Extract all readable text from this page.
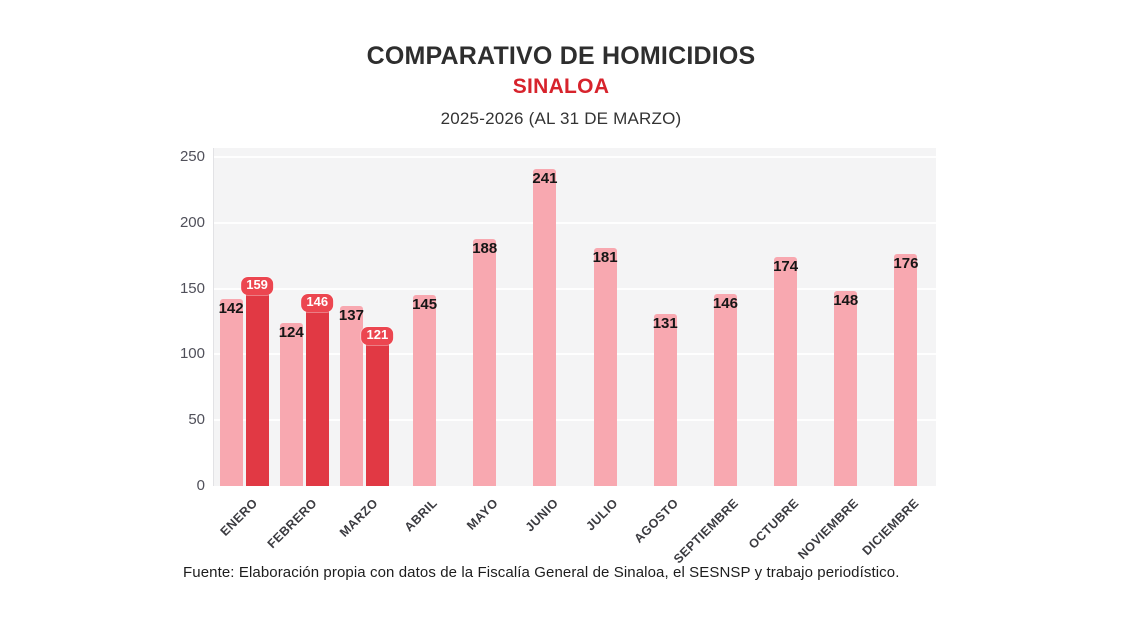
COMPARATIVO DE HOMICIDIOS
SINALOA
2025-2026 (AL 31 DE MARZO)
0
50
100
150
200
250
142
159
124
146
137
121
145
188
241
181
131
146
174
148
176
ENERO FEBRERO MARZO ABRIL MAYO JUNIO JULIO AGOSTO
SEPTIEMBRE OCTUBRE
NOVIEMBRE
DICIEMBRE
Fuente: Elaboración propia con datos de la Fiscalía General de Sinaloa, el SESNSP y trabajo periodístico.
